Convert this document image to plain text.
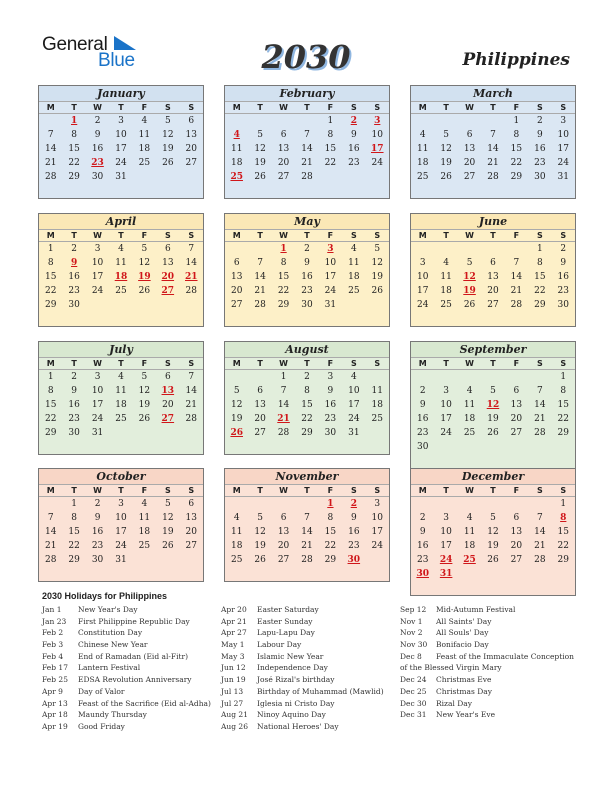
General
Blue	2030	Philippines
January
M	T	W	T	F	S	S
	1	2	3	4	5	6
7	8	9	10	11	12	13
14	15	16	17	18	19	20
21	22	23	24	25	26	27
28	29	30	31			
February
M	T	W	T	F	S	S
				1	2	3
4	5	6	7	8	9	10
11	12	13	14	15	16	17
18	19	20	21	22	23	24
25	26	27	28			
March
M	T	W	T	F	S	S
				1	2	3
4	5	6	7	8	9	10
11	12	13	14	15	16	17
18	19	20	21	22	23	24
25	26	27	28	29	30	31
April
M	T	W	T	F	S	S
1	2	3	4	5	6	7
8	9	10	11	12	13	14
15	16	17	18	19	20	21
22	23	24	25	26	27	28
29	30					
May
M	T	W	T	F	S	S
		1	2	3	4	5
6	7	8	9	10	11	12
13	14	15	16	17	18	19
20	21	22	23	24	25	26
27	28	29	30	31		
June
M	T	W	T	F	S	S
					1	2
3	4	5	6	7	8	9
10	11	12	13	14	15	16
17	18	19	20	21	22	23
24	25	26	27	28	29	30
July
M	T	W	T	F	S	S
1	2	3	4	5	6	7
8	9	10	11	12	13	14
15	16	17	18	19	20	21
22	23	24	25	26	27	28
29	30	31				
August
M	T	W	T	F	S	S
		1	2	3	4	
5	6	7	8	9	10	11
12	13	14	15	16	17	18
19	20	21	22	23	24	25
26	27	28	29	30	31	
September
M	T	W	T	F	S	S
						1
2	3	4	5	6	7	8
9	10	11	12	13	14	15
16	17	18	19	20	21	22
23	24	25	26	27	28	29
30						
October
M	T	W	T	F	S	S
	1	2	3	4	5	6
7	8	9	10	11	12	13
14	15	16	17	18	19	20
21	22	23	24	25	26	27
28	29	30	31			
November
M	T	W	T	F	S	S
				1	2	3
4	5	6	7	8	9	10
11	12	13	14	15	16	17
18	19	20	21	22	23	24
25	26	27	28	29	30	
December
M	T	W	T	F	S	S
						1
2	3	4	5	6	7	8
9	10	11	12	13	14	15
16	17	18	19	20	21	22
23	24	25	26	27	28	29
30	31					
2030 Holidays for Philippines
Jan 1 New Year's Day
Jan 23 First Philippine Republic Day
Feb 2 Constitution Day
Feb 3 Chinese New Year
Feb 4 End of Ramadan (Eid al-Fitr)
Feb 17 Lantern Festival
Feb 25 EDSA Revolution Anniversary
Apr 9 Day of Valor
Apr 13 Feast of the Sacrifice (Eid al-Adha)
Apr 18 Maundy Thursday
Apr 19 Good Friday
Apr 20 Easter Saturday
Apr 21 Easter Sunday
Apr 27 Lapu-Lapu Day
May 1 Labour Day
May 3 Islamic New Year
Jun 12 Independence Day
Jun 19 José Rizal's birthday
Jul 13 Birthday of Muhammad (Mawlid)
Jul 27 Iglesia ni Cristo Day
Aug 21 Ninoy Aquino Day
Aug 26 National Heroes' Day
Sep 12 Mid-Autumn Festival
Nov 1 All Saints' Day
Nov 2 All Souls' Day
Nov 30 Bonifacio Day
Dec 8 Feast of the Immaculate Conception
of the Blessed Virgin Mary
Dec 24 Christmas Eve
Dec 25 Christmas Day
Dec 30 Rizal Day
Dec 31 New Year's Eve
